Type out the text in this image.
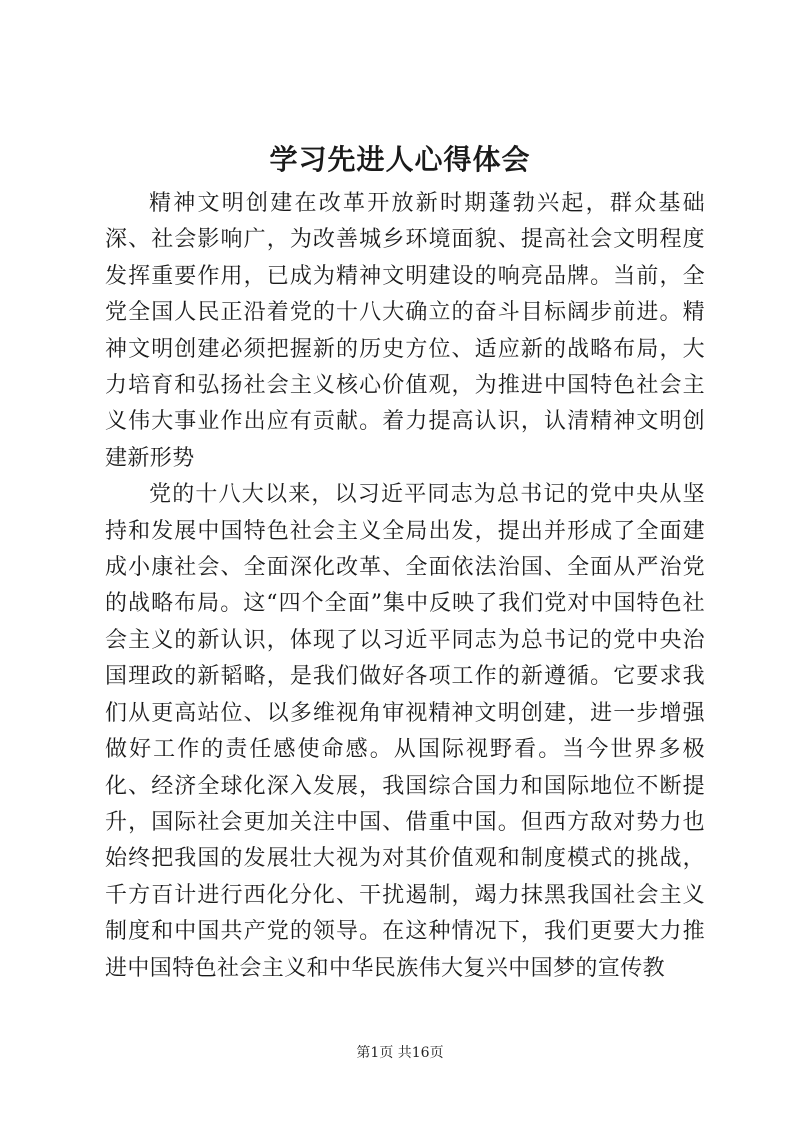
学习先进人心得体会

精神文明创建在改革开放新时期蓬勃兴起，群众基础深、社会影响广，为改善城乡环境面貌、提高社会文明程度发挥重要作用，已成为精神文明建设的响亮品牌。当前，全党全国人民正沿着党的十八大确立的奋斗目标阔步前进。精神文明创建必须把握新的历史方位、适应新的战略布局，大力培育和弘扬社会主义核心价值观，为推进中国特色社会主义伟大事业作出应有贡献。着力提高认识，认清精神文明创建新形势

党的十八大以来，以习近平同志为总书记的党中央从坚持和发展中国特色社会主义全局出发，提出并形成了全面建成小康社会、全面深化改革、全面依法治国、全面从严治党的战略布局。这“四个全面”集中反映了我们党对中国特色社会主义的新认识，体现了以习近平同志为总书记的党中央治国理政的新韬略，是我们做好各项工作的新遵循。它要求我们从更高站位、以多维视角审视精神文明创建，进一步增强做好工作的责任感使命感。从国际视野看。当今世界多极化、经济全球化深入发展，我国综合国力和国际地位不断提升，国际社会更加关注中国、借重中国。但西方敌对势力也始终把我国的发展壮大视为对其价值观和制度模式的挑战，千方百计进行西化分化、干扰遏制，竭力抹黑我国社会主义制度和中国共产党的领导。在这种情况下，我们更要大力推进中国特色社会主义和中华民族伟大复兴中国梦的宣传教

第1页 共16页
